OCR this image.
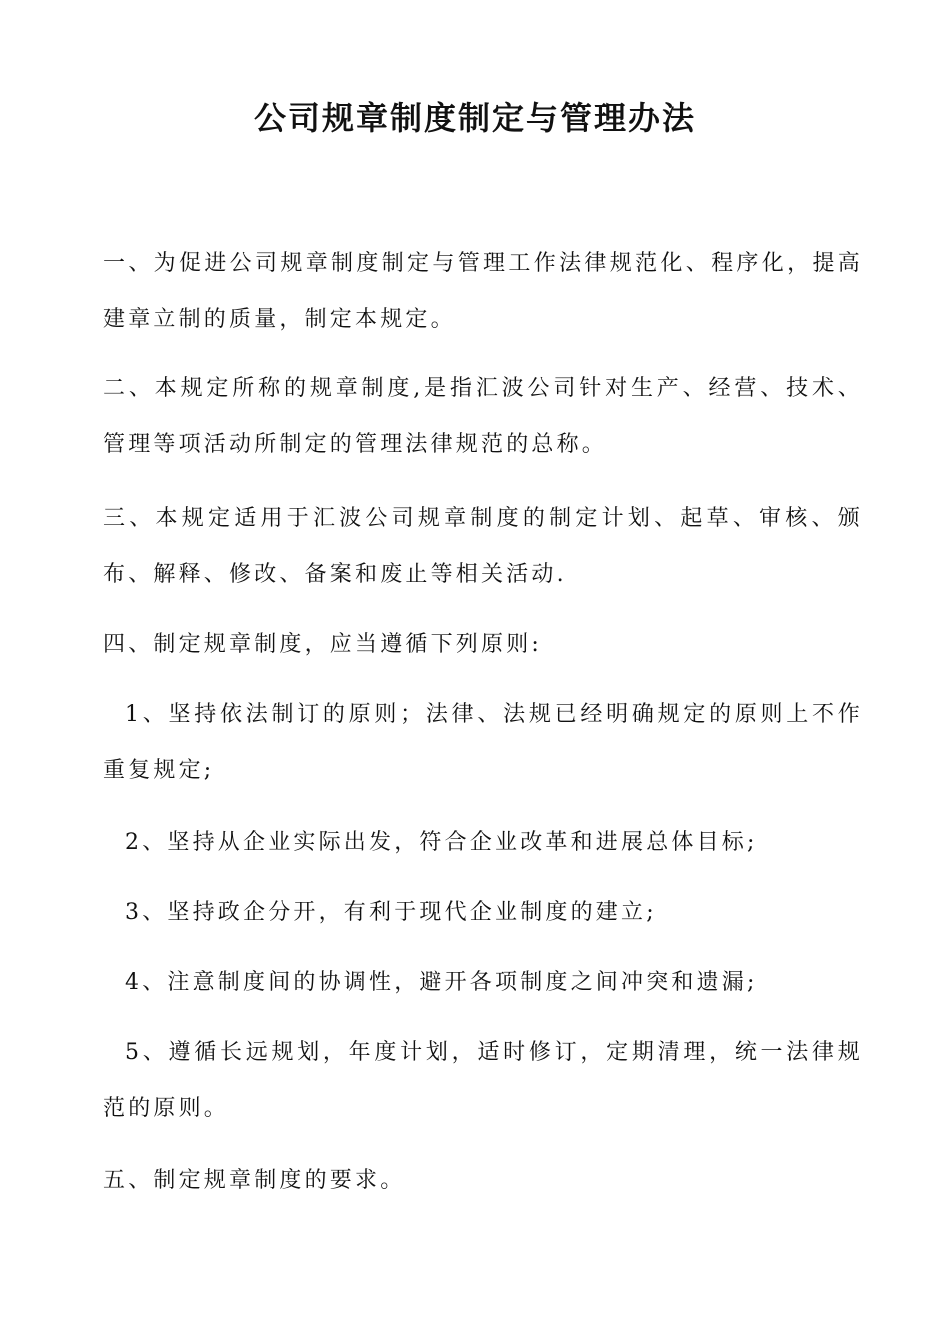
公司规章制度制定与管理办法
一、为促进公司规章制度制定与管理工作法律规范化、程序化，提高建章立制的质量，制定本规定。
二、本规定所称的规章制度,是指汇波公司针对生产、经营、技术、管理等项活动所制定的管理法律规范的总称。
三、本规定适用于汇波公司规章制度的制定计划、起草、审核、颁布、解释、修改、备案和废止等相关活动.
四、制定规章制度，应当遵循下列原则:
1、坚持依法制订的原则；法律、法规已经明确规定的原则上不作重复规定;
2、坚持从企业实际出发，符合企业改革和进展总体目标;
3、坚持政企分开，有利于现代企业制度的建立;
4、注意制度间的协调性，避开各项制度之间冲突和遗漏;
5、遵循长远规划，年度计划，适时修订，定期清理，统一法律规范的原则。
五、制定规章制度的要求。
